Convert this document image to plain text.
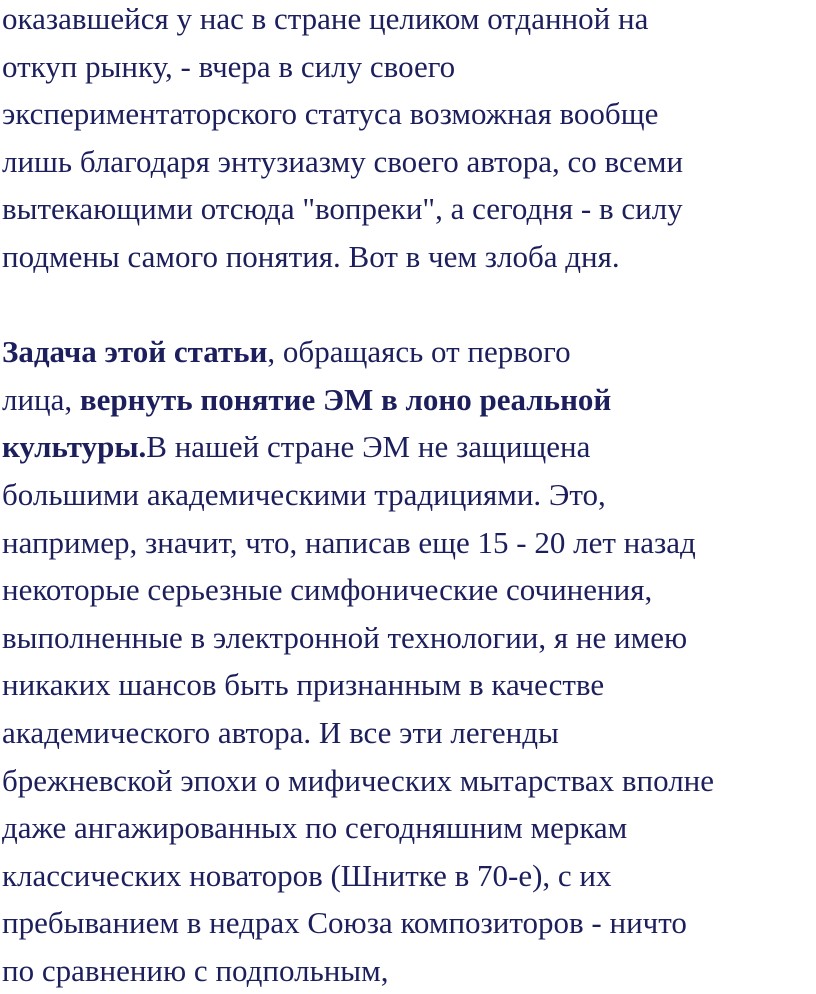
оказавшейся у нас в стране целиком отданной на
откуп рынку, - вчера в силу своего
экспериментаторского статуса возможная вообще
лишь благодаря энтузиазму своего автора, со всеми
вытекающими отсюда "вопреки", а сегодня - в силу
подмены самого понятия. Вот в чем злоба дня.
Задача этой статьи, обращаясь от первого
лица, вернуть понятие ЭМ в лоно реальной
культуры.В нашей стране ЭМ не защищена
большими академическими традициями. Это,
например, значит, что, написав еще 15 - 20 лет назад
некоторые серьезные симфонические сочинения,
выполненные в электронной технологии, я не имею
никаких шансов быть признанным в качестве
академического автора. И все эти легенды
брежневской эпохи о мифических мытарствах вполне
даже ангажированных по сегодняшним меркам
классических новаторов (Шнитке в 70-е), с их
пребыванием в недрах Союза композиторов - ничто
по сравнению с подпольным,
